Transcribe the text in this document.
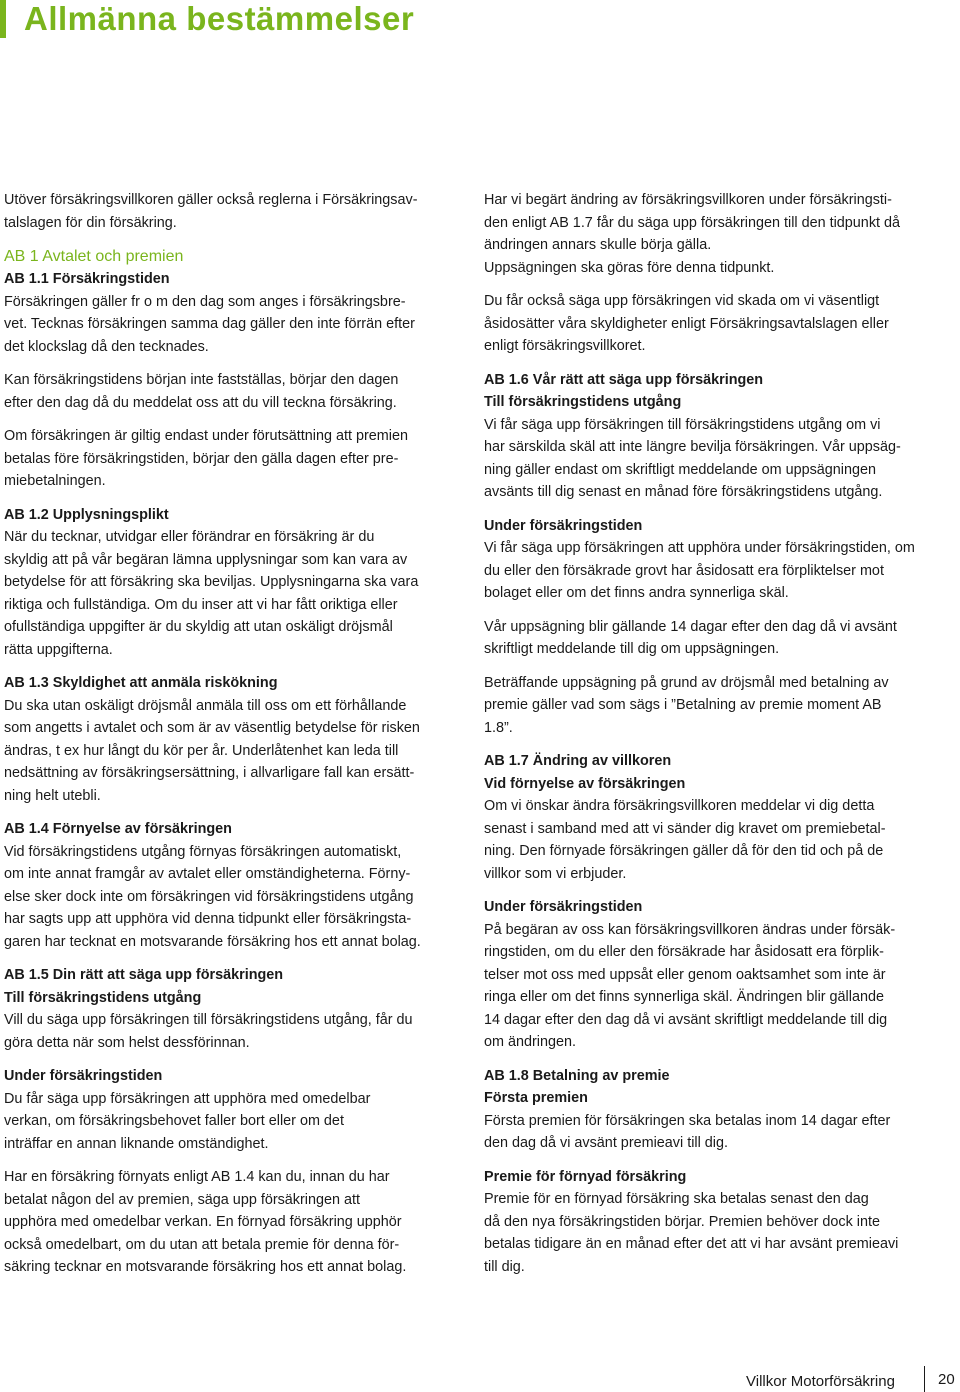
Allmänna bestämmelser
Utöver försäkringsvillkoren gäller också reglerna i Försäkringsav-
talslagen för din försäkring.
AB 1 Avtalet och premien
AB 1.1 Försäkringstiden
Försäkringen gäller fr o m den dag som anges i försäkringsbre-
vet. Tecknas försäkringen samma dag gäller den inte förrän efter
det klockslag då den tecknades.
Kan försäkringstidens början inte fastställas, börjar den dagen
efter den dag då du meddelat oss att du vill teckna försäkring.
Om försäkringen är giltig endast under förutsättning att premien
betalas före försäkringstiden, börjar den gälla dagen efter pre-
miebetalningen.
AB 1.2 Upplysningsplikt
När du tecknar, utvidgar eller förändrar en försäkring är du
skyldig att på vår begäran lämna upplysningar som kan vara av
betydelse för att försäkring ska beviljas. Upplysningarna ska vara
riktiga och fullständiga. Om du inser att vi har fått oriktiga eller
ofullständiga uppgifter är du skyldig att utan oskäligt dröjsmål
rätta uppgifterna.
AB 1.3 Skyldighet att anmäla riskökning
Du ska utan oskäligt dröjsmål anmäla till oss om ett förhållande
som angetts i avtalet och som är av väsentlig betydelse för risken
ändras, t ex hur långt du kör per år. Underlåtenhet kan leda till
nedsättning av försäkringsersättning, i allvarligare fall kan ersätt-
ning helt utebli.
AB 1.4 Förnyelse av försäkringen
Vid försäkringstidens utgång förnyas försäkringen automatiskt,
om inte annat framgår av avtalet eller omständigheterna. Förny-
else sker dock inte om försäkringen vid försäkringstidens utgång
har sagts upp att upphöra vid denna tidpunkt eller försäkringsta-
garen har tecknat en motsvarande försäkring hos ett annat bolag.
AB 1.5 Din rätt att säga upp försäkringen
Till försäkringstidens utgång
Vill du säga upp försäkringen till försäkringstidens utgång, får du
göra detta när som helst dessförinnan.
Under försäkringstiden
Du får säga upp försäkringen att upphöra med omedelbar
verkan, om försäkringsbehovet faller bort eller om det
inträffar en annan liknande omständighet.
Har en försäkring förnyats enligt AB 1.4 kan du, innan du har
betalat någon del av premien, säga upp försäkringen att
upphöra med omedelbar verkan. En förnyad försäkring upphör
också omedelbart, om du utan att betala premie för denna för-
säkring tecknar en motsvarande försäkring hos ett annat bolag.
Har vi begärt ändring av försäkringsvillkoren under försäkringsti-
den enligt AB 1.7 får du säga upp försäkringen till den tidpunkt då
ändringen annars skulle börja gälla.
Uppsägningen ska göras före denna tidpunkt.
Du får också säga upp försäkringen vid skada om vi väsentligt
åsidosätter våra skyldigheter enligt Försäkringsavtalslagen eller
enligt försäkringsvillkoret.
AB 1.6 Vår rätt att säga upp försäkringen
Till försäkringstidens utgång
Vi får säga upp försäkringen till försäkringstidens utgång om vi
har särskilda skäl att inte längre bevilja försäkringen. Vår uppsäg-
ning gäller endast om skriftligt meddelande om uppsägningen
avsänts till dig senast en månad före försäkringstidens utgång.
Under försäkringstiden
Vi får säga upp försäkringen att upphöra under försäkringstiden, om
du eller den försäkrade grovt har åsidosatt era förpliktelser mot
bolaget eller om det finns andra synnerliga skäl.
Vår uppsägning blir gällande 14 dagar efter den dag då vi avsänt
skriftligt meddelande till dig om uppsägningen.
Beträffande uppsägning på grund av dröjsmål med betalning av
premie gäller vad som sägs i ”Betalning av premie moment AB
1.8”.
AB 1.7 Ändring av villkoren
Vid förnyelse av försäkringen
Om vi önskar ändra försäkringsvillkoren meddelar vi dig detta
senast i samband med att vi sänder dig kravet om premiebetal-
ning. Den förnyade försäkringen gäller då för den tid och på de
villkor som vi erbjuder.
Under försäkringstiden
På begäran av oss kan försäkringsvillkoren ändras under försäk-
ringstiden, om du eller den försäkrade har åsidosatt era förplik-
telser mot oss med uppsåt eller genom oaktsamhet som inte är
ringa eller om det finns synnerliga skäl. Ändringen blir gällande
14 dagar efter den dag då vi avsänt skriftligt meddelande till dig
om ändringen.
AB 1.8 Betalning av premie
Första premien
Första premien för försäkringen ska betalas inom 14 dagar efter
den dag då vi avsänt premieavi till dig.
Premie för förnyad försäkring
Premie för en förnyad försäkring ska betalas senast den dag
då den nya försäkringstiden börjar. Premien behöver dock inte
betalas tidigare än en månad efter det att vi har avsänt premieavi
till dig.
Villkor Motorförsäkring	20
